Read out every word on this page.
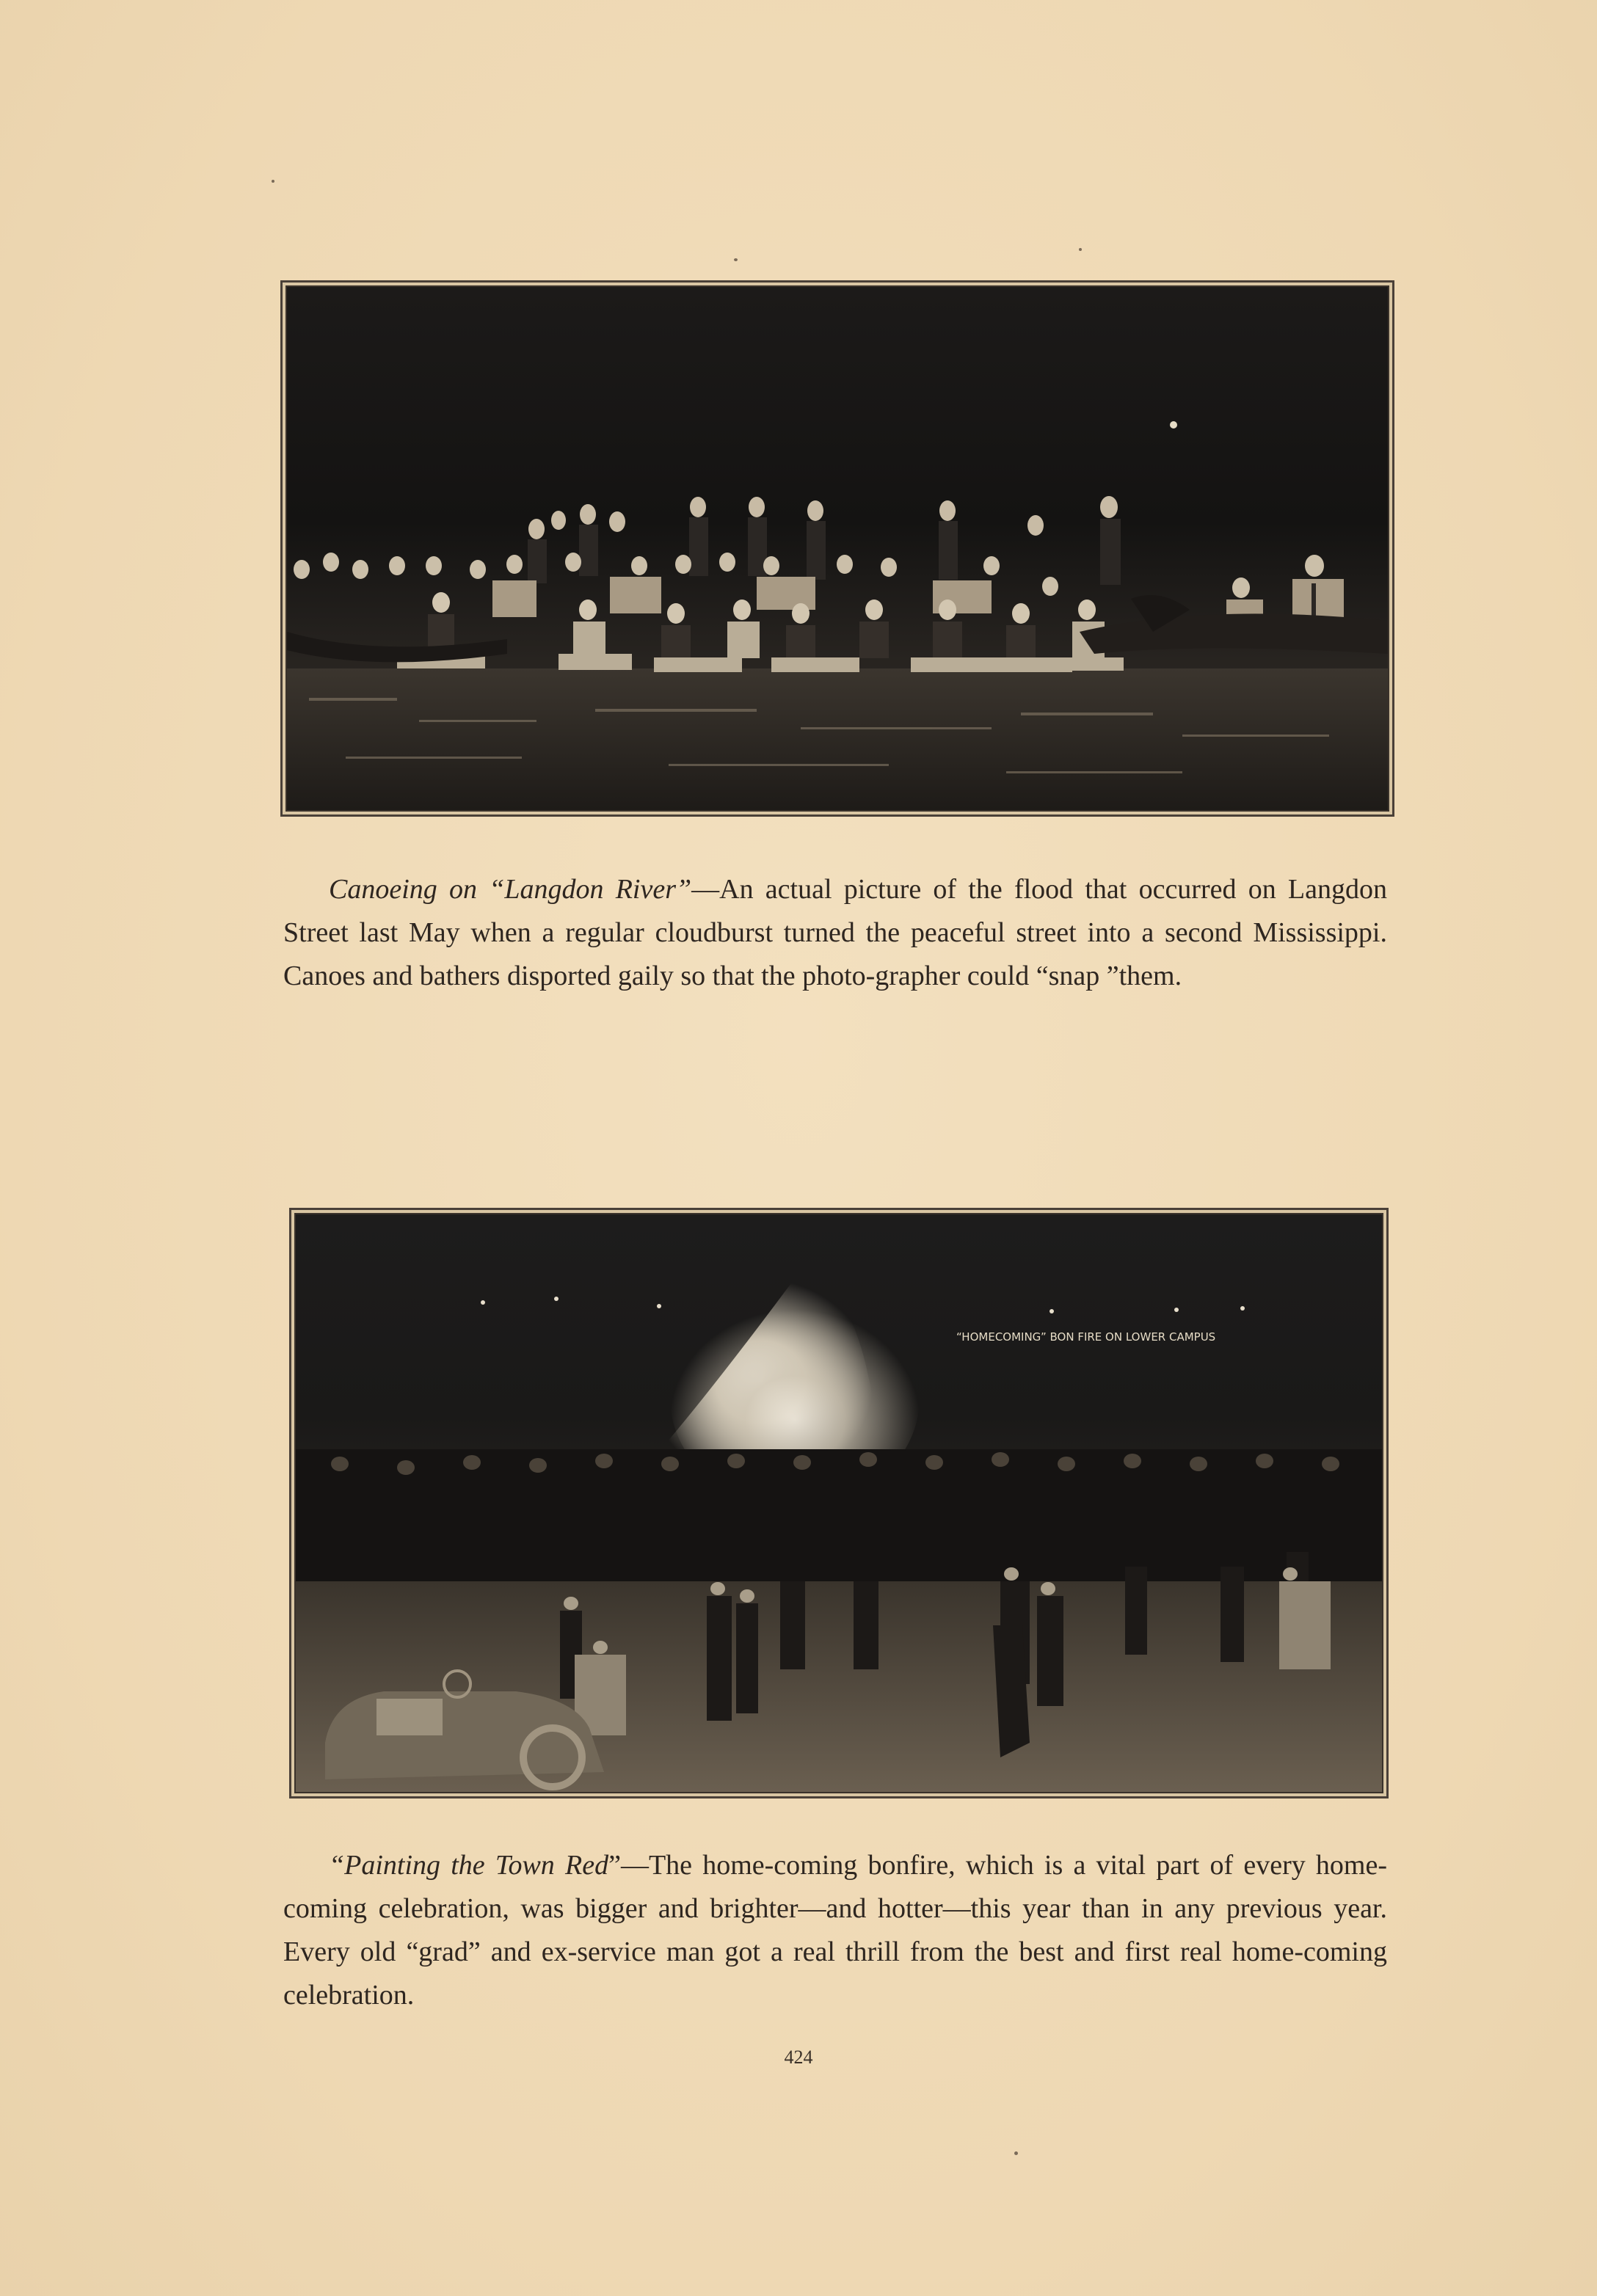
Canoeing on “Langdon River”—An actual picture of the flood that occurred on Langdon Street last May when a regular cloudburst turned the peaceful street into a second Mississippi. Canoes and bathers disported gaily so that the photo-grapher could “snap ”them.

“HOMECOMING” BON FIRE ON LOWER CAMPUS

“Painting the Town Red”—The home-coming bonfire, which is a vital part of every home-coming celebration, was bigger and brighter—and hotter—this year than in any previous year. Every old “grad” and ex-service man got a real thrill from the best and first real home-coming celebration.

424
